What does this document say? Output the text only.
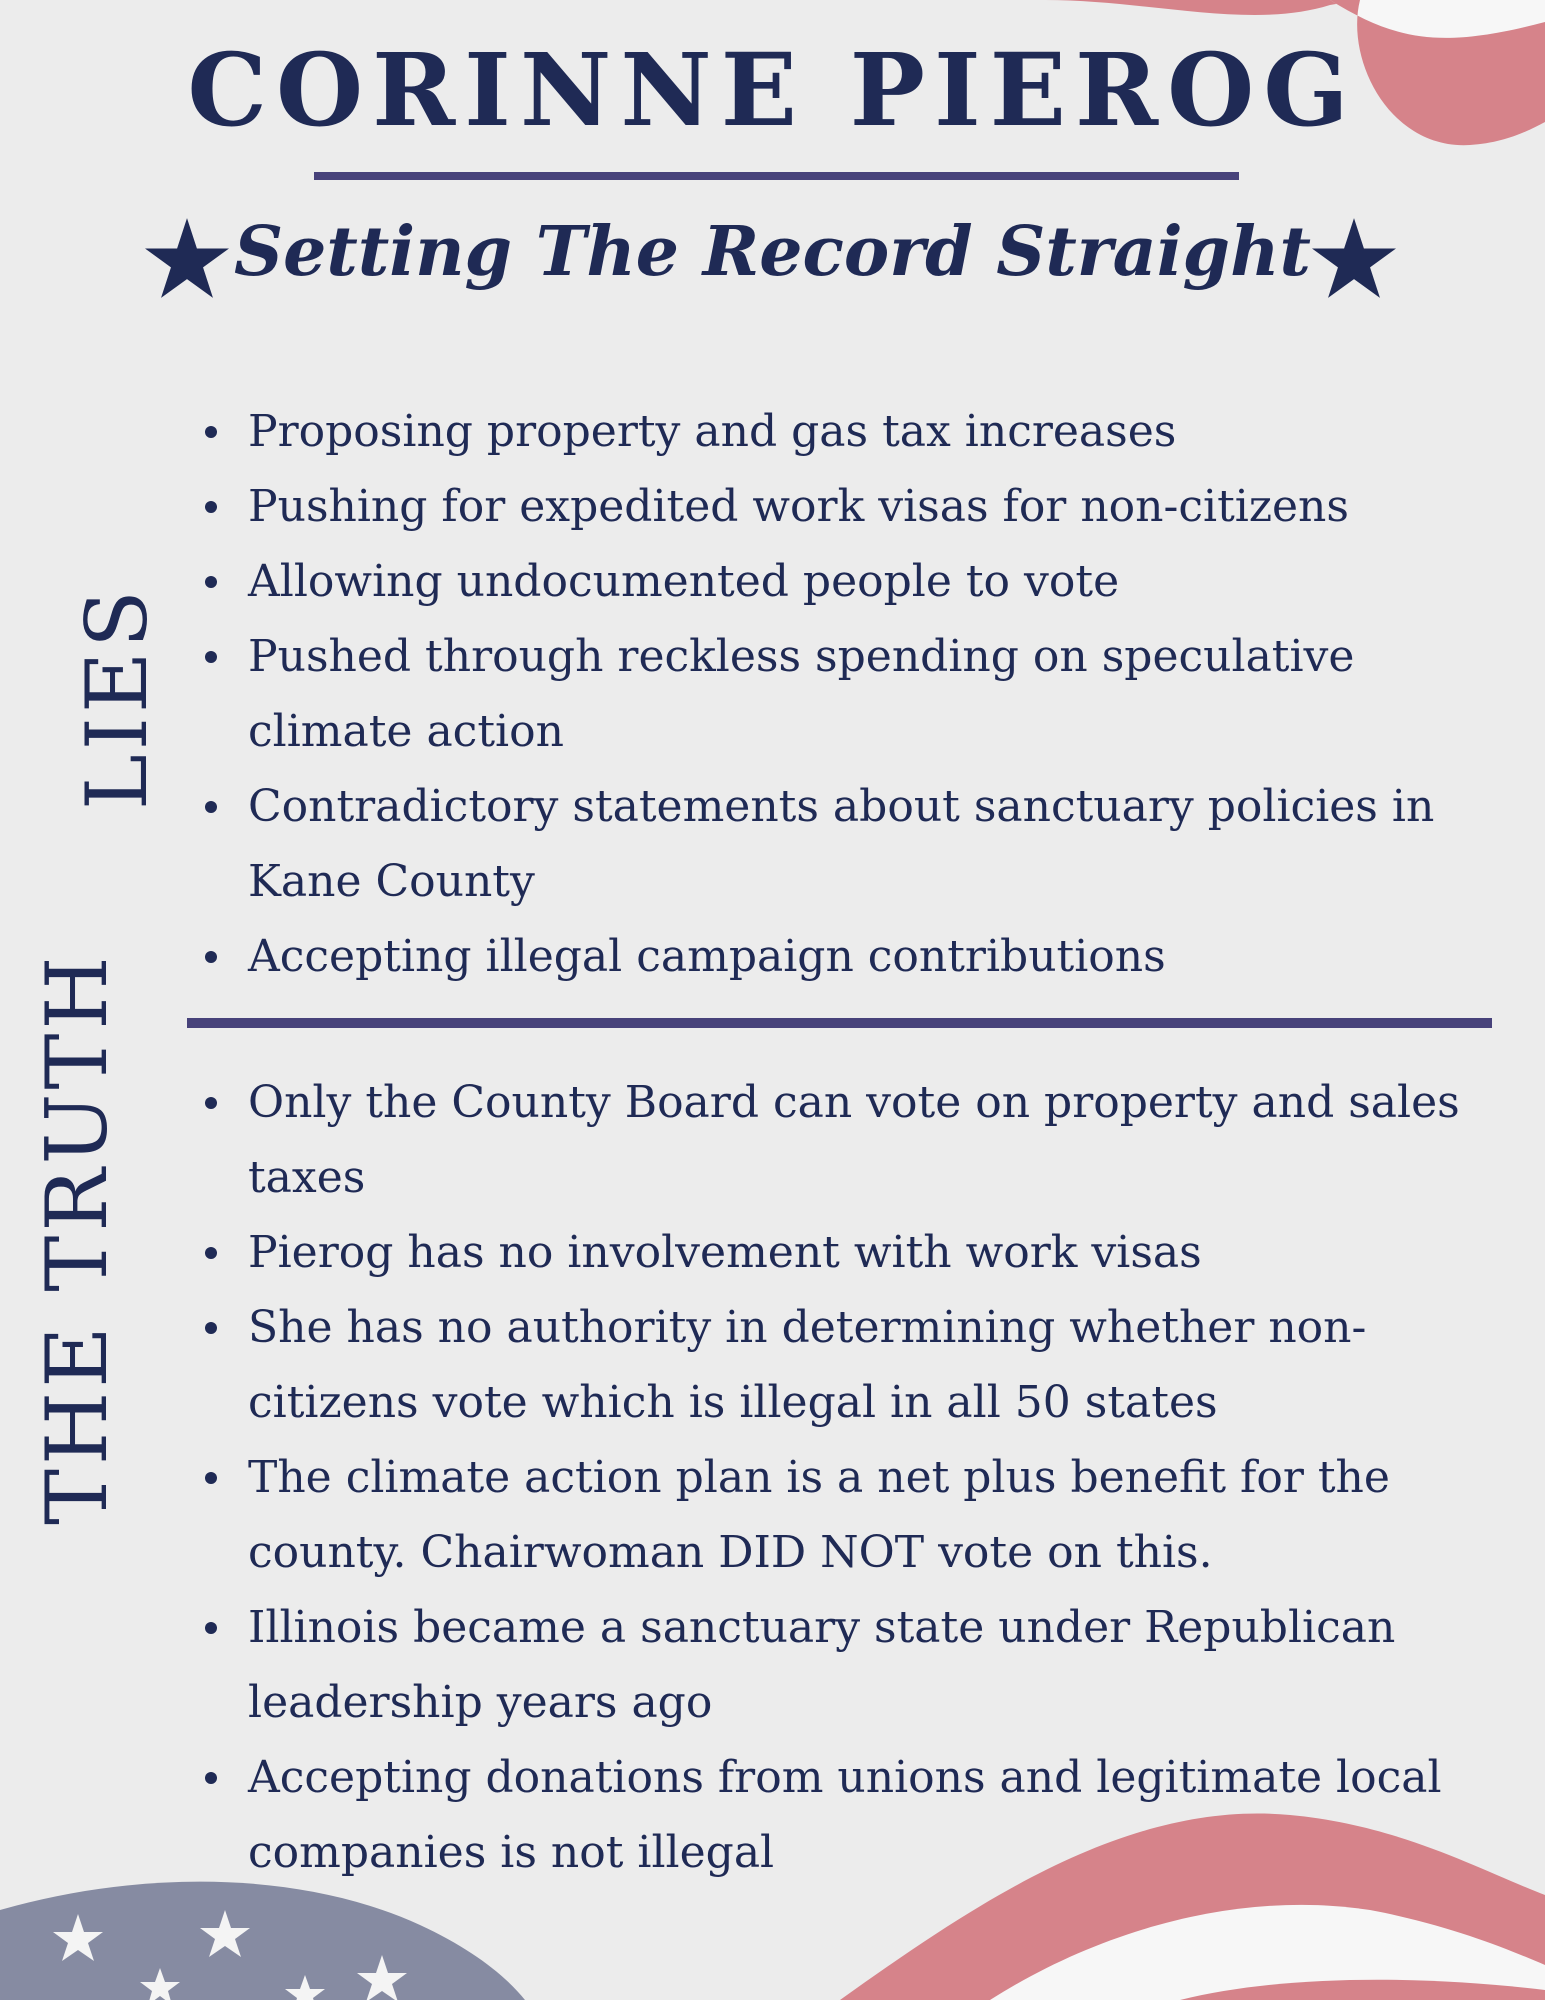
CORINNE PIEROG
Setting The Record Straight
LIES
Proposing property and gas tax increases
Pushing for expedited work visas for non-citizens
Allowing undocumented people to vote
Pushed through reckless spending on speculative climate action
Contradictory statements about sanctuary policies in Kane County
Accepting illegal campaign contributions
THE TRUTH	Only the County Board can vote on property and sales taxes
Pierog has no involvement with work visas
She has no authority in determining whether non-citizens vote which is illegal in all 50 states
The climate action plan is a net plus benefit for the county. Chairwoman DID NOT vote on this.
Illinois became a sanctuary state under Republican leadership years ago
Accepting donations from unions and legitimate local companies is not illegal
